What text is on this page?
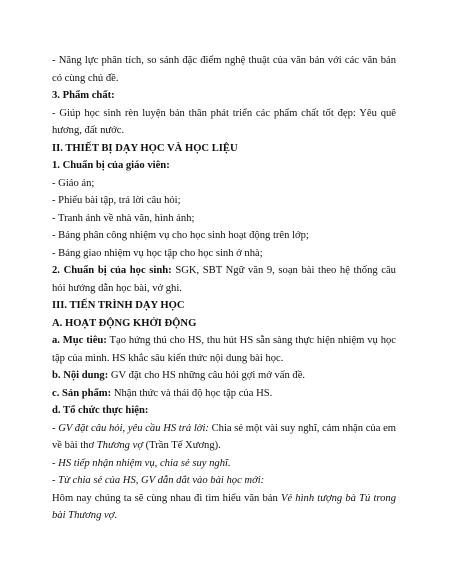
- Năng lực phân tích, so sánh đặc điểm nghệ thuật của văn bản với các văn bản có cùng chủ đề.

3. Phẩm chất:

- Giúp học sinh rèn luyện bản thân phát triển các phẩm chất tốt đẹp: Yêu quê hương, đất nước.

II. THIẾT BỊ DẠY HỌC VÀ HỌC LIỆU

1. Chuẩn bị của giáo viên:

- Giáo án;

- Phiếu bài tập, trả lời câu hỏi;

- Tranh ảnh về nhà văn, hình ảnh;

- Bảng phân công nhiệm vụ cho học sinh hoạt động trên lớp;

- Bảng giao nhiệm vụ học tập cho học sinh ở nhà;

2. Chuẩn bị của học sinh: SGK, SBT Ngữ văn 9, soạn bài theo hệ thống câu hỏi hướng dẫn học bài, vở ghi.

III. TIẾN TRÌNH DẠY HỌC

A. HOẠT ĐỘNG KHỞI ĐỘNG

a. Mục tiêu: Tạo hứng thú cho HS, thu hút HS sẵn sàng thực hiện nhiệm vụ học tập của mình. HS khắc sâu kiến thức nội dung bài học.

b. Nội dung: GV đặt cho HS những câu hỏi gợi mở vấn đề.

c. Sản phẩm: Nhận thức và thái độ học tập của HS.

d. Tổ chức thực hiện:

- GV đặt câu hỏi, yêu cầu HS trả lời: Chia sẻ một vài suy nghĩ, cảm nhận của em về bài thơ Thương vợ (Trần Tế Xương).

- HS tiếp nhận nhiệm vụ, chia sẻ suy nghĩ.

- Từ chia sẻ của HS, GV dẫn dắt vào bài học mới:

Hôm nay chúng ta sẽ cùng nhau đi tìm hiểu văn bản Vẻ hình tượng bà Tú trong bài Thương vợ.
